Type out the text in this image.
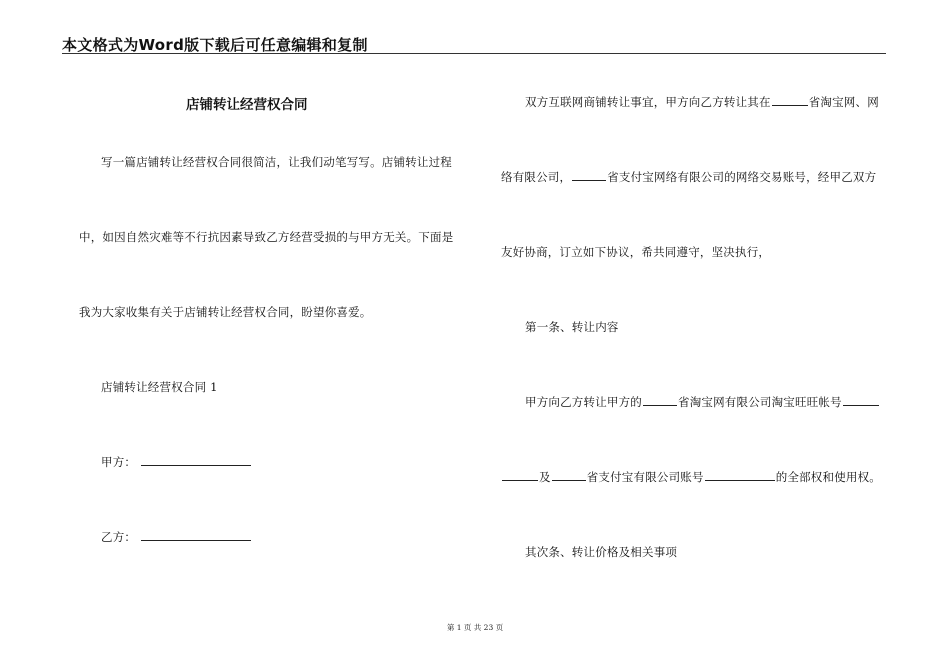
本文格式为Word版下载后可任意编辑和复制
店铺转让经营权合同
写一篇店铺转让经营权合同很简洁，让我们动笔写写。店铺转让过程
中，如因自然灾难等不行抗因素导致乙方经营受损的与甲方无关。下面是
我为大家收集有关于店铺转让经营权合同，盼望你喜爱。
店铺转让经营权合同 1
甲方：
乙方：
双方互联网商铺转让事宜，甲方向乙方转让其在	省淘宝网、网
络有限公司，	省支付宝网络有限公司的网络交易账号，经甲乙双方
友好协商，订立如下协议，希共同遵守，坚决执行，
第一条、转让内容
甲方向乙方转让甲方的	省淘宝网有限公司淘宝旺旺帐号
及	省支付宝有限公司账号	的全部权和使用权。
其次条、转让价格及相关事项
第 1 页 共 23 页
